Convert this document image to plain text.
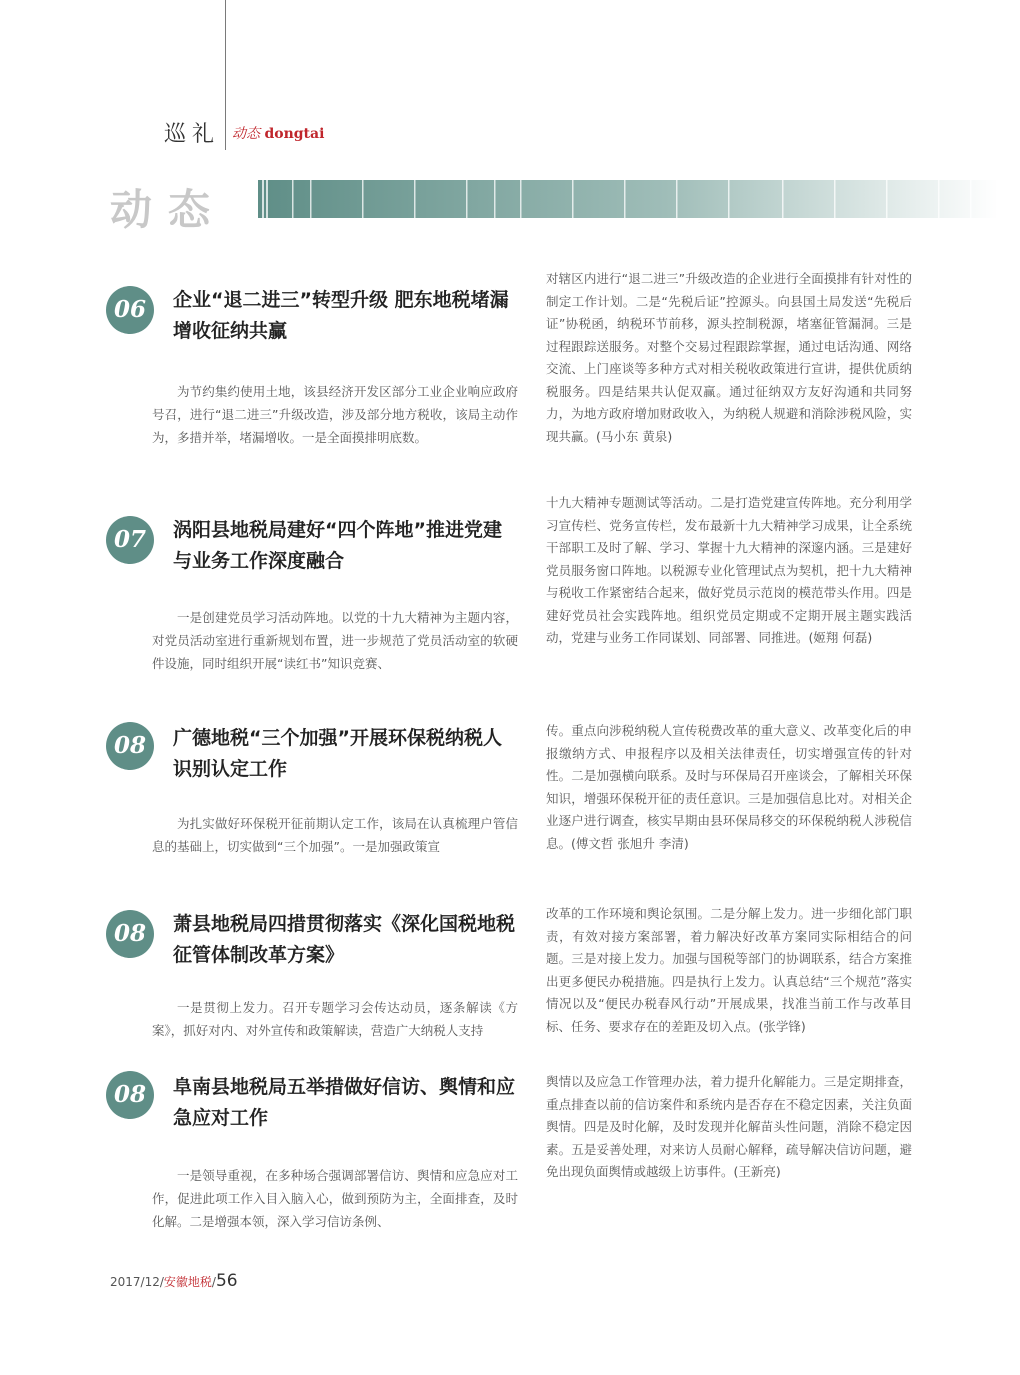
巡礼 动态 dongtai
动态
06	企业“退二进三”转型升级 肥东地税堵漏增收征纳共赢
为节约集约使用土地，该县经济开发区部分工业企业响应政府号召，进行“退二进三”升级改造，涉及部分地方税收，该局主动作为，多措并举，堵漏增收。一是全面摸排明底数。
对辖区内进行“退二进三”升级改造的企业进行全面摸排有针对性的制定工作计划。二是“先税后证”控源头。向县国土局发送“先税后证”协税函，纳税环节前移，源头控制税源，堵塞征管漏洞。三是过程跟踪送服务。对整个交易过程跟踪掌握，通过电话沟通、网络交流、上门座谈等多种方式对相关税收政策进行宣讲，提供优质纳税服务。四是结果共认促双赢。通过征纳双方友好沟通和共同努力，为地方政府增加财政收入，为纳税人规避和消除涉税风险，实现共赢。(马小东 黄泉)
07	涡阳县地税局建好“四个阵地”推进党建与业务工作深度融合
一是创建党员学习活动阵地。以党的十九大精神为主题内容，对党员活动室进行重新规划布置，进一步规范了党员活动室的软硬件设施，同时组织开展“读红书”知识竞赛、
十九大精神专题测试等活动。二是打造党建宣传阵地。充分利用学习宣传栏、党务宣传栏，发布最新十九大精神学习成果，让全系统干部职工及时了解、学习、掌握十九大精神的深邃内涵。三是建好党员服务窗口阵地。以税源专业化管理试点为契机，把十九大精神与税收工作紧密结合起来，做好党员示范岗的模范带头作用。四是建好党员社会实践阵地。组织党员定期或不定期开展主题实践活动，党建与业务工作同谋划、同部署、同推进。(姬翔 何磊)
08	广德地税“三个加强”开展环保税纳税人识别认定工作
为扎实做好环保税开征前期认定工作，该局在认真梳理户管信息的基础上，切实做到“三个加强”。一是加强政策宣
传。重点向涉税纳税人宣传税费改革的重大意义、改革变化后的申报缴纳方式、申报程序以及相关法律责任，切实增强宣传的针对性。二是加强横向联系。及时与环保局召开座谈会，了解相关环保知识，增强环保税开征的责任意识。三是加强信息比对。对相关企业逐户进行调查，核实早期由县环保局移交的环保税纳税人涉税信息。(傅文哲 张旭升 李清)
08	萧县地税局四措贯彻落实《深化国税地税征管体制改革方案》
一是贯彻上发力。召开专题学习会传达动员，逐条解读《方案》，抓好对内、对外宣传和政策解读，营造广大纳税人支持
改革的工作环境和舆论氛围。二是分解上发力。进一步细化部门职责，有效对接方案部署，着力解决好改革方案同实际相结合的问题。三是对接上发力。加强与国税等部门的协调联系，结合方案推出更多便民办税措施。四是执行上发力。认真总结“三个规范”落实情况以及“便民办税春风行动”开展成果，找准当前工作与改革目标、任务、要求存在的差距及切入点。(张学锋)
08	阜南县地税局五举措做好信访、舆情和应急应对工作
一是领导重视，在多种场合强调部署信访、舆情和应急应对工作，促进此项工作入目入脑入心，做到预防为主，全面排查，及时化解。二是增强本领，深入学习信访条例、
舆情以及应急工作管理办法，着力提升化解能力。三是定期排查，重点排查以前的信访案件和系统内是否存在不稳定因素，关注负面舆情。四是及时化解，及时发现并化解苗头性问题，消除不稳定因素。五是妥善处理，对来访人员耐心解释，疏导解决信访问题，避免出现负面舆情或越级上访事件。(王新亮)
2017/12/安徽地税/56
